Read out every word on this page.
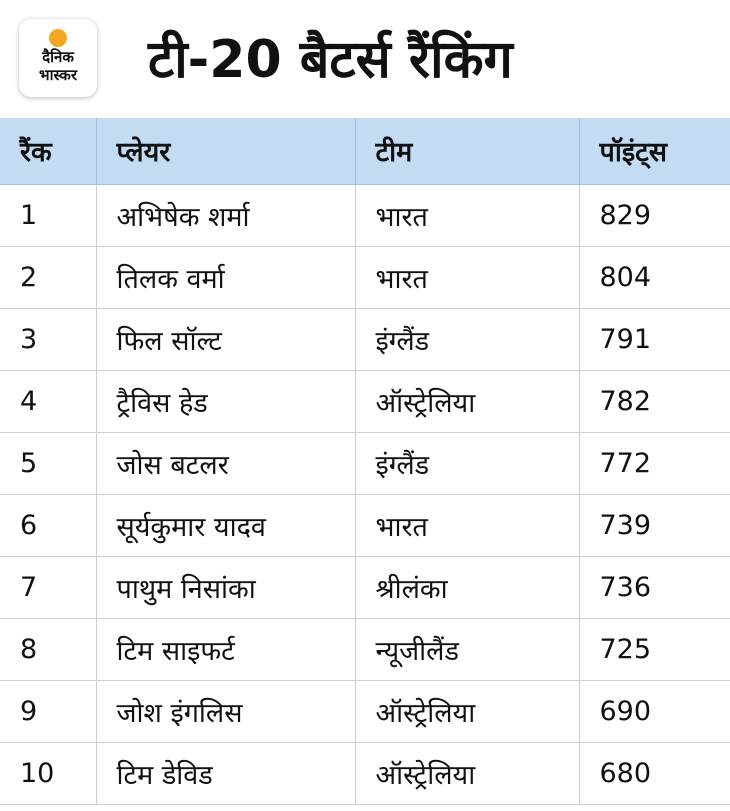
दैनिक
भास्कर	टी-20 बैटर्स रैंकिंग
रैंक	प्लेयर	टीम	पॉइंट्स
1	अभिषेक शर्मा	भारत	829
2	तिलक वर्मा	भारत	804
3	फिल सॉल्ट	इंग्लैंड	791
4	ट्रैविस हेड	ऑस्ट्रेलिया	782
5	जोस बटलर	इंग्लैंड	772
6	सूर्यकुमार यादव	भारत	739
7	पाथुम निसांका	श्रीलंका	736
8	टिम साइफर्ट	न्यूजीलैंड	725
9	जोश इंगलिस	ऑस्ट्रेलिया	690
10	टिम डेविड	ऑस्ट्रेलिया	680
